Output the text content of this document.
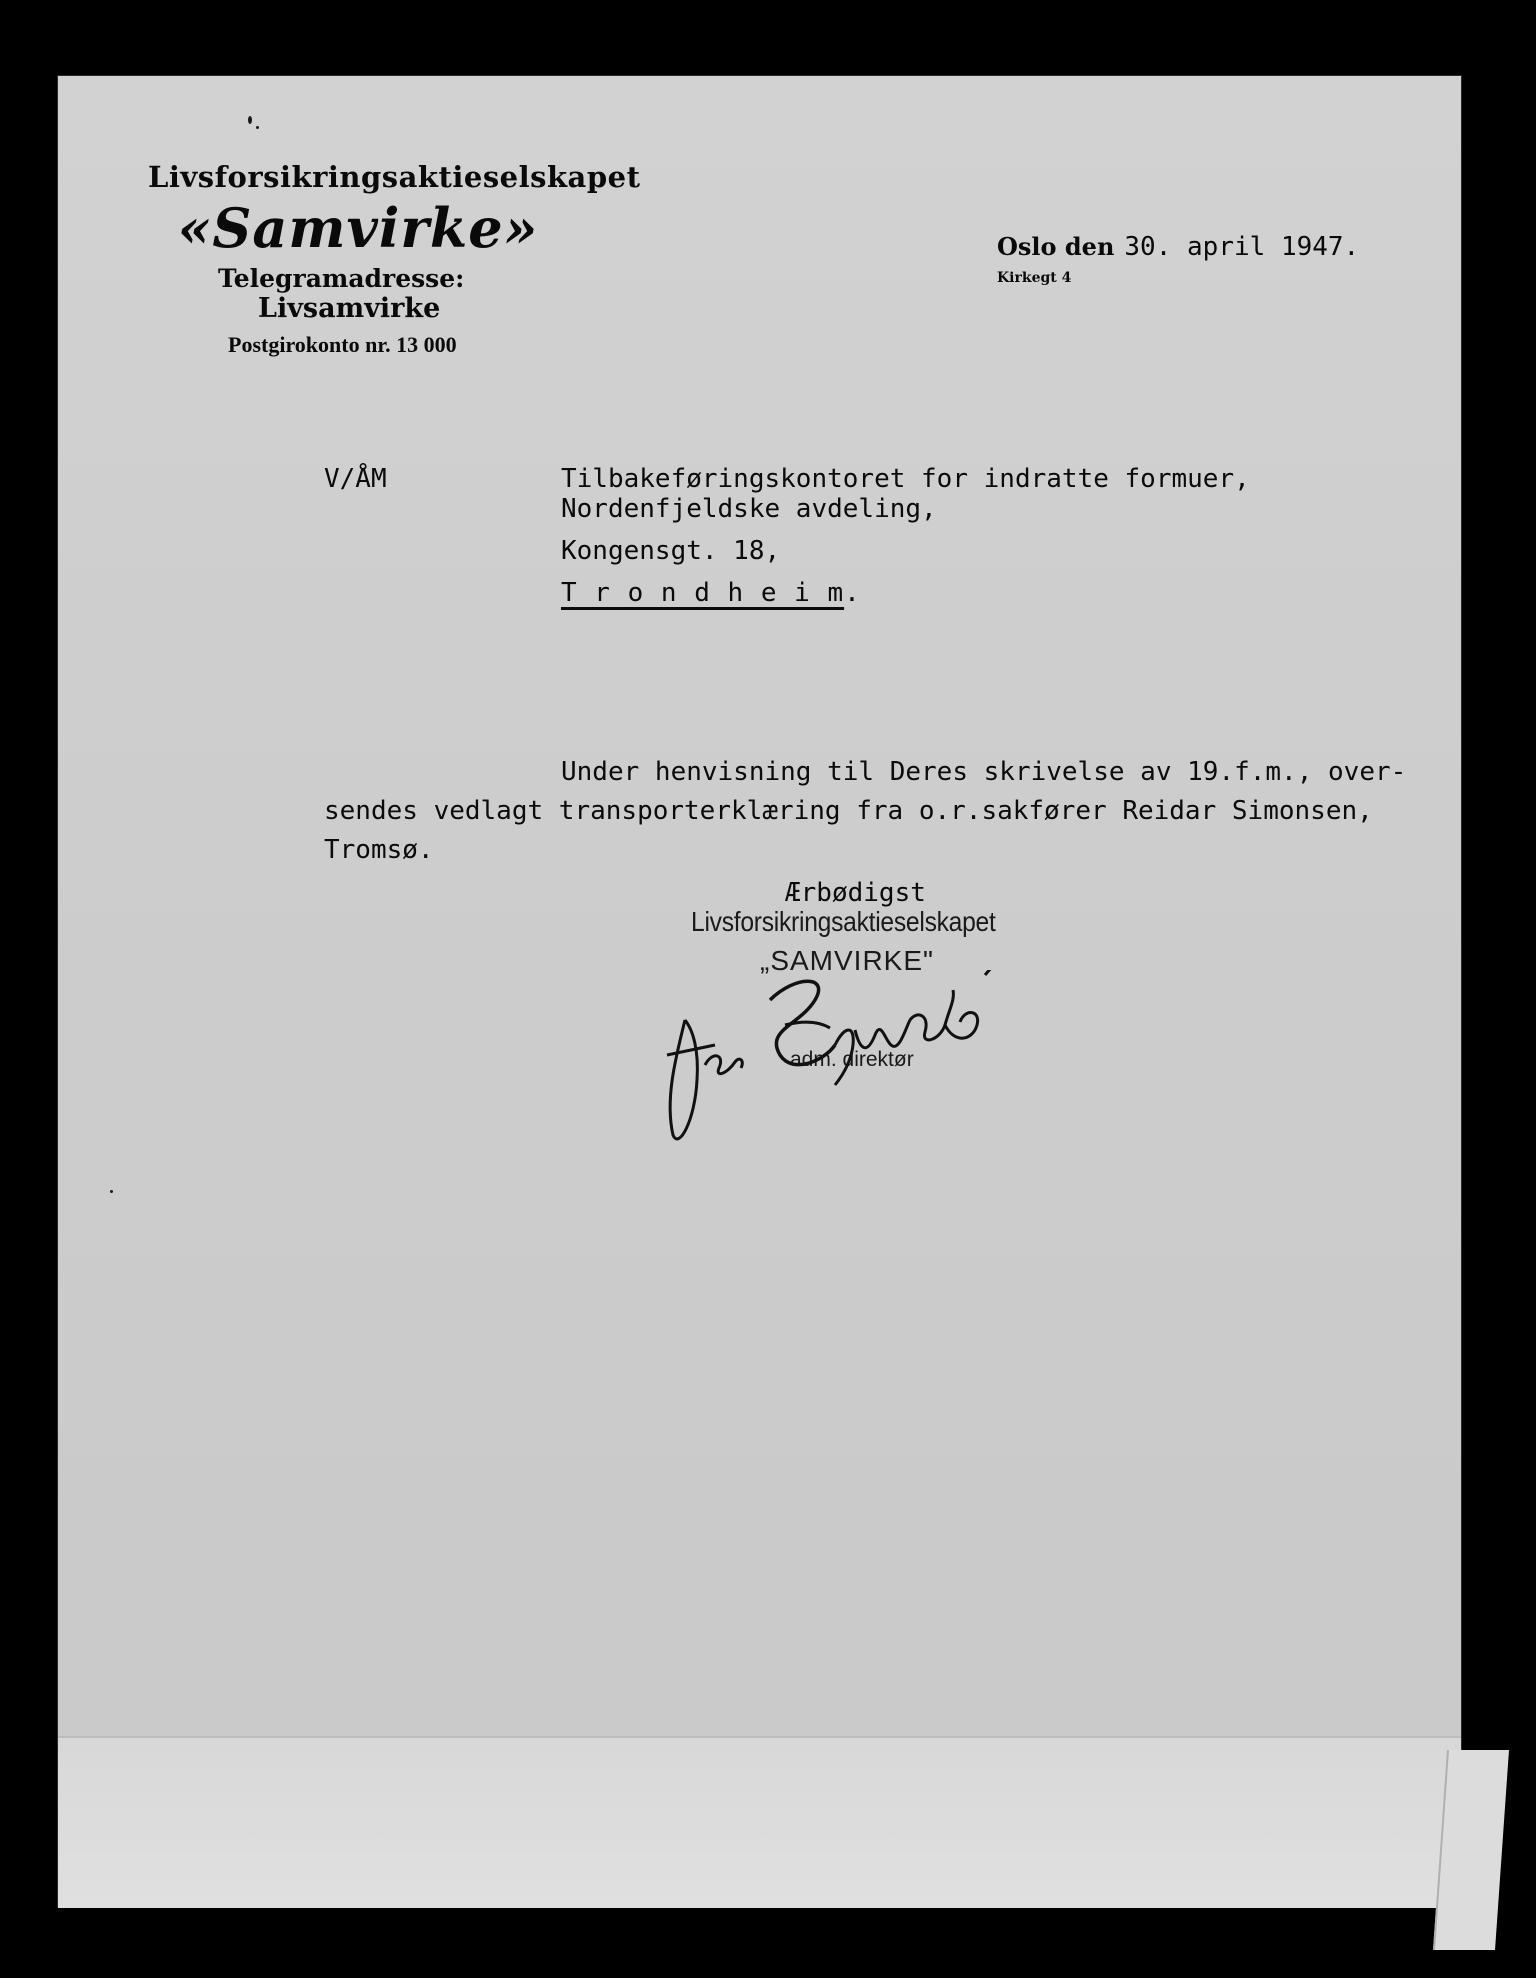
Livsforsikringsaktieselskapet
«Samvirke»
Telegramadresse:
Livsamvirke
Postgirokonto nr. 13 000
Oslo den 30. april 1947.
Kirkegt 4
V/ÅM	Tilbakeføringskontoret for indratte formuer,
Nordenfjeldske avdeling,
Kongensgt. 18,
T r o n d h e i m.
Under henvisning til Deres skrivelse av 19.f.m., over-
sendes vedlagt transporterklæring fra o.r.sakfører Reidar Simonsen,
Tromsø.
Ærbødigst
Livsforsikringsaktieselskapet
„SAMVIRKE"
adm. direktør
